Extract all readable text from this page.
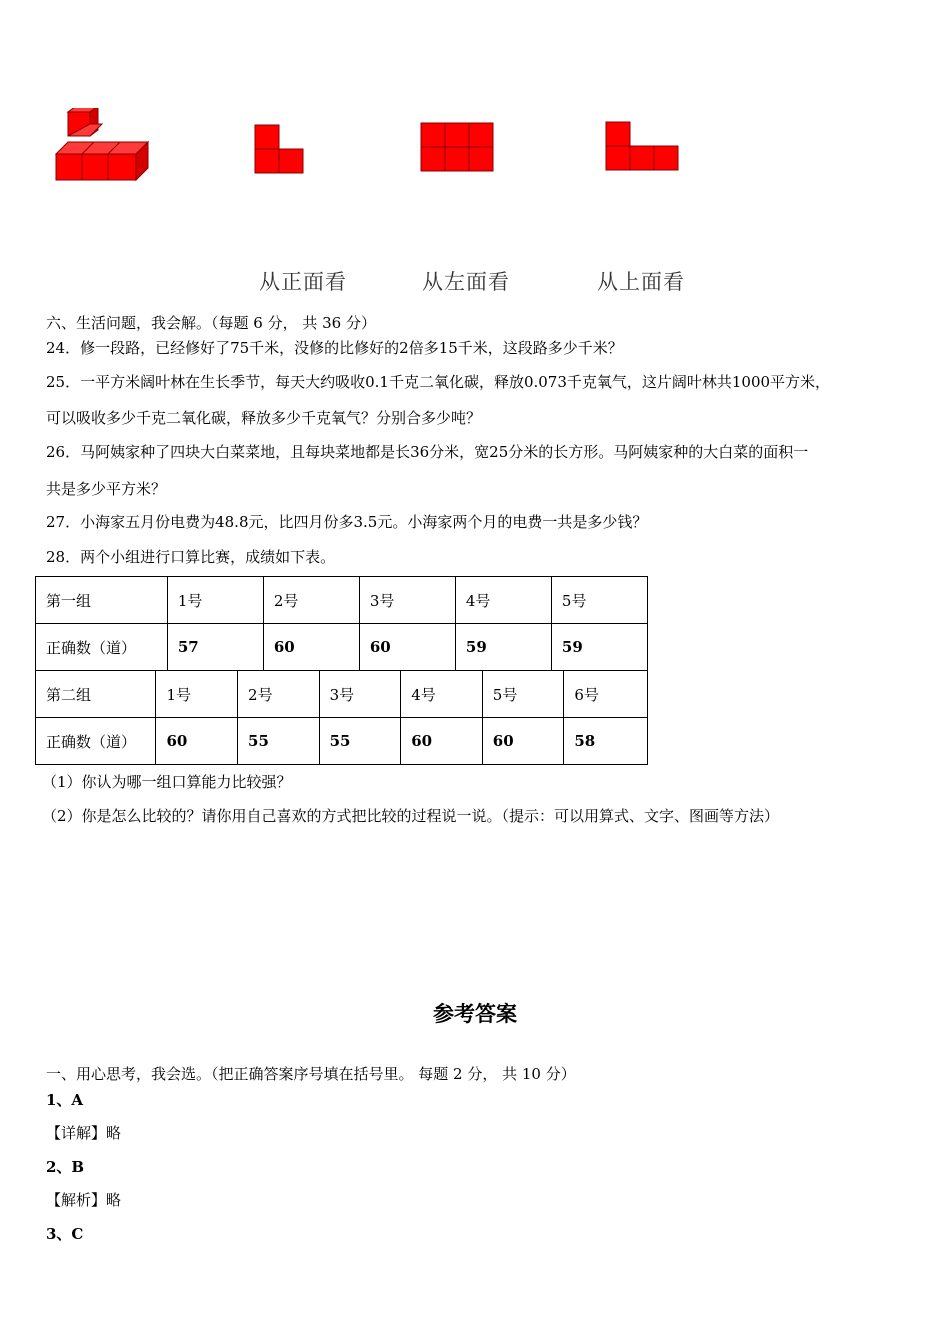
从正面看	从左面看	从上面看
六、生活问题，我会解。（每题 6 分， 共 36 分）
24．修一段路，已经修好了75千米，没修的比修好的2倍多15千米，这段路多少千米？
25．一平方米阔叶林在生长季节，每天大约吸收0.1千克二氧化碳，释放0.073千克氧气，这片阔叶林共1000平方米，
可以吸收多少千克二氧化碳，释放多少千克氧气？分别合多少吨？
26．马阿姨家种了四块大白菜菜地，且每块菜地都是长36分米，宽25分米的长方形。马阿姨家种的大白菜的面积一
共是多少平方米？
27．小海家五月份电费为48.8元，比四月份多3.5元。小海家两个月的电费一共是多少钱？
28．两个小组进行口算比赛，成绩如下表。
第一组	1号	2号	3号	4号	5号
正确数（道）	57	60	60	59	59
第二组	1号	2号	3号	4号	5号	6号
正确数（道）	60	55	55	60	60	58
（1）你认为哪一组口算能力比较强？
（2）你是怎么比较的？请你用自己喜欢的方式把比较的过程说一说。（提示：可以用算式、文字、图画等方法）
参考答案
一、用心思考，我会选。（把正确答案序号填在括号里。 每题 2 分， 共 10 分）
1、A
【详解】略
2、B
【解析】略
3、C
